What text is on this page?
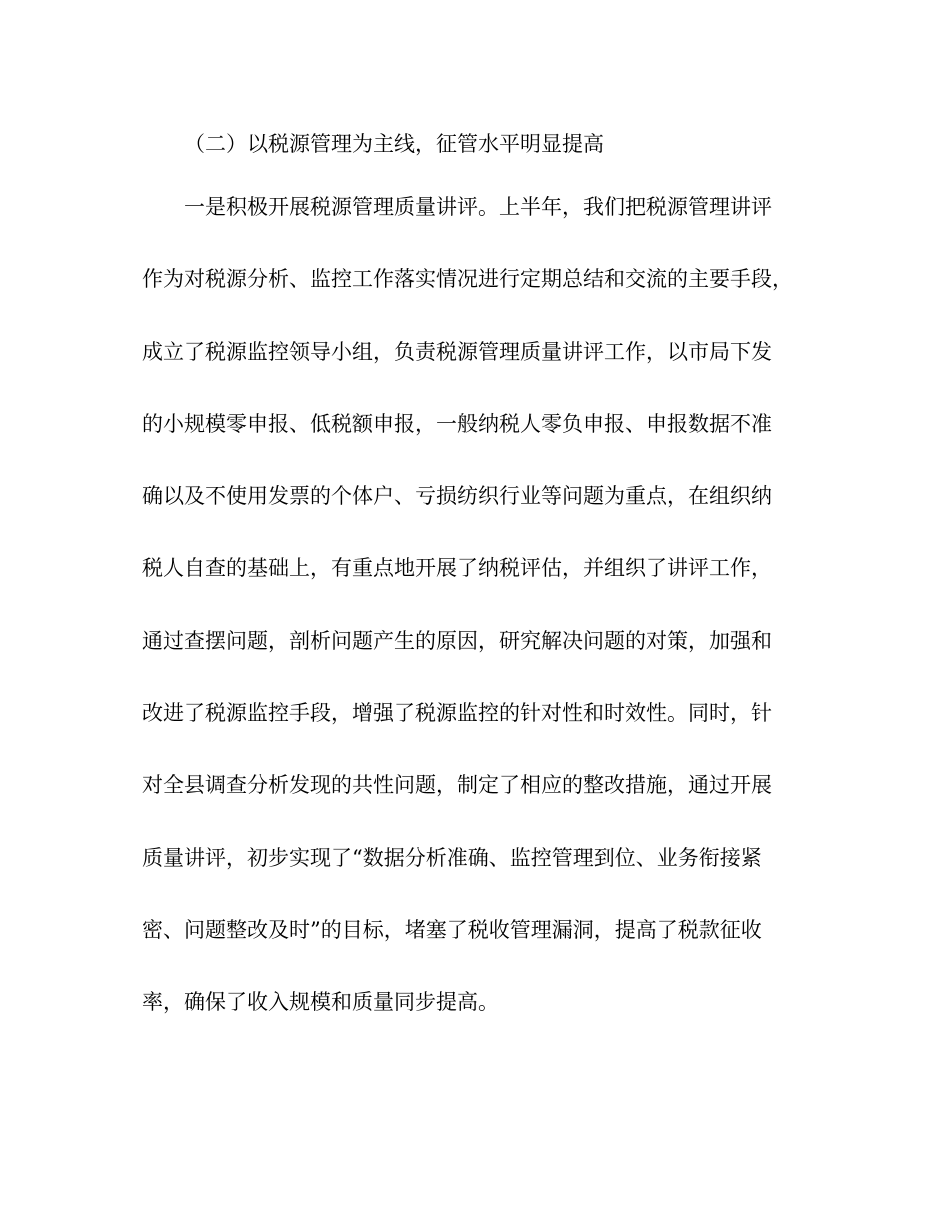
（二）以税源管理为主线，征管水平明显提高

一是积极开展税源管理质量讲评。上半年，我们把税源管理讲评

作为对税源分析、监控工作落实情况进行定期总结和交流的主要手段，

成立了税源监控领导小组，负责税源管理质量讲评工作，以市局下发

的小规模零申报、低税额申报，一般纳税人零负申报、申报数据不准

确以及不使用发票的个体户、亏损纺织行业等问题为重点，在组织纳

税人自查的基础上，有重点地开展了纳税评估，并组织了讲评工作，

通过查摆问题，剖析问题产生的原因，研究解决问题的对策，加强和

改进了税源监控手段，增强了税源监控的针对性和时效性。同时，针

对全县调查分析发现的共性问题，制定了相应的整改措施，通过开展

质量讲评，初步实现了“数据分析准确、监控管理到位、业务衔接紧

密、问题整改及时”的目标，堵塞了税收管理漏洞，提高了税款征收

率，确保了收入规模和质量同步提高。
